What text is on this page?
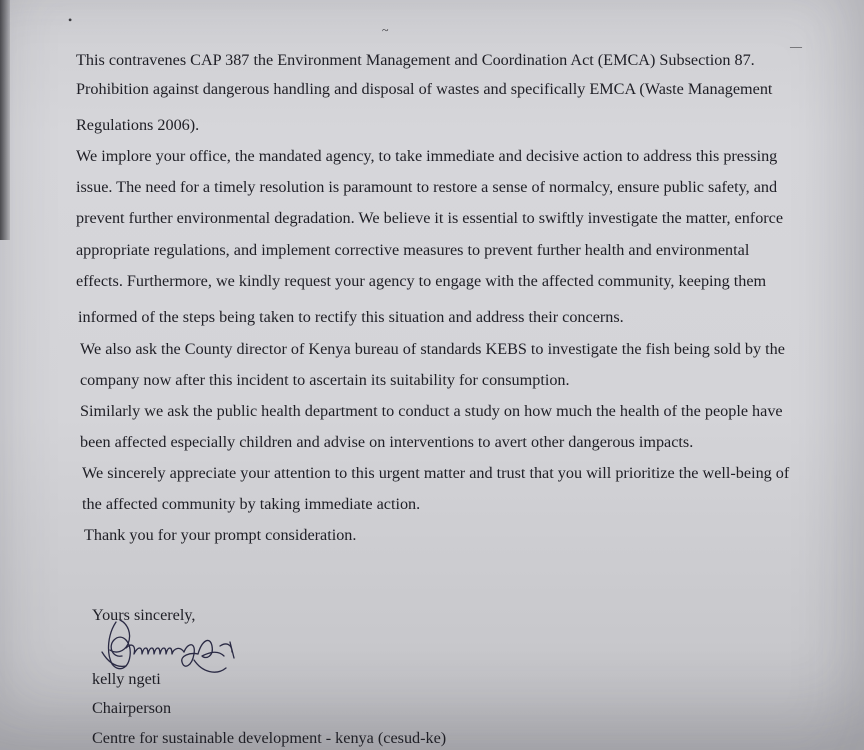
•
~
—

This contravenes CAP 387 the Environment Management and Coordination Act (EMCA) Subsection 87.

Prohibition against dangerous handling and disposal of wastes and specifically EMCA (Waste Management

Regulations 2006).

We implore your office, the mandated agency, to take immediate and decisive action to address this pressing

issue. The need for a timely resolution is paramount to restore a sense of normalcy, ensure public safety, and

prevent further environmental degradation. We believe it is essential to swiftly investigate the matter, enforce

appropriate regulations, and implement corrective measures to prevent further health and environmental

effects. Furthermore, we kindly request your agency to engage with the affected community, keeping them

informed of the steps being taken to rectify this situation and address their concerns.

We also ask the County director of Kenya bureau of standards KEBS to investigate the fish being sold by the

company now after this incident to ascertain its suitability for consumption.

Similarly we ask the public health department to conduct a study on how much the health of the people have

been affected especially children and advise on interventions to avert other dangerous impacts.

We sincerely appreciate your attention to this urgent matter and trust that you will prioritize the well-being of

the affected community by taking immediate action.

Thank you for your prompt consideration.

Yours sincerely,

kelly ngeti

Chairperson

Centre for sustainable development - kenya (cesud-ke)
